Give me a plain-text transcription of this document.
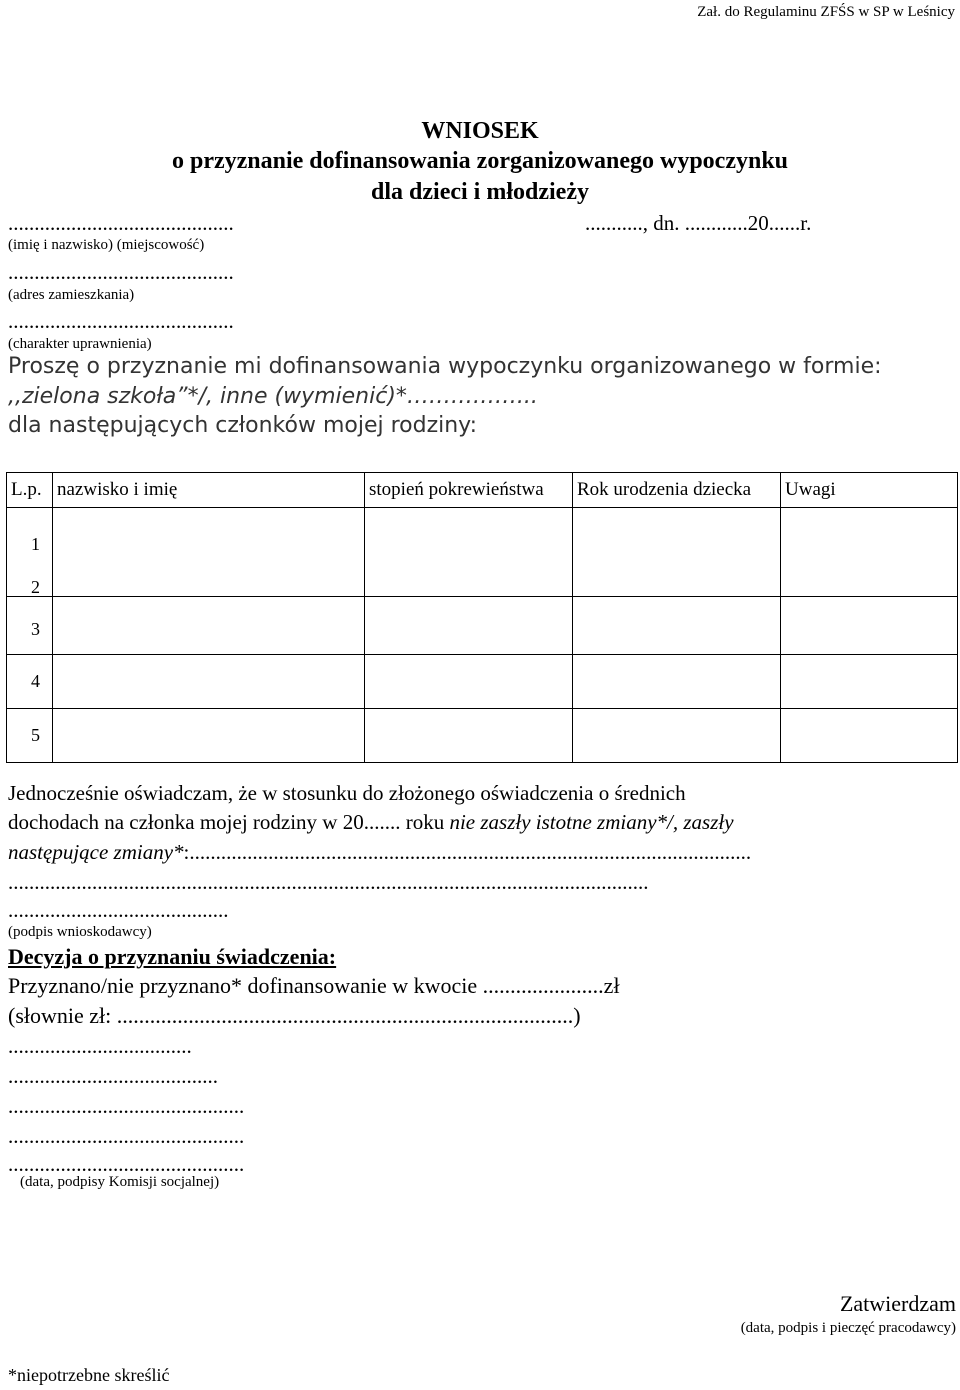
Zał. do Regulaminu ZFŚS w SP w Leśnicy
WNIOSEK
o przyznanie dofinansowania zorganizowanego wypoczynku
dla dzieci i młodzieży
...........................................	..........., dn. ............20......r.
(imię i nazwisko) (miejscowość)
...........................................
(adres zamieszkania)
...........................................
(charakter uprawnienia)
Proszę o przyznanie mi dofinansowania wypoczynku organizowanego w formie:
,,zielona szkoła”*/, inne (wymienić)*……………...
dla następujących członków mojej rodziny:
L.p.	nazwisko i imię	stopień pokrewieństwa	Rok urodzenia dziecka	Uwagi
1				

2
3				
4				
5				
Jednocześnie oświadczam, że w stosunku do złożonego oświadczenia o średnich
dochodach na członka mojej rodziny w 20....... roku nie zaszły istotne zmiany*/, zaszły
następujące zmiany*:...........................................................................................................
..........................................................................................................................
..........................................
(podpis wnioskodawcy)
Decyzja o przyznaniu świadczenia:
Przyznano/nie przyznano* dofinansowanie w kwocie ......................zł
(słownie zł: ...................................................................................)
...................................
........................................
.............................................
.............................................
.............................................
(data, podpisy Komisji socjalnej)
Zatwierdzam
(data, podpis i pieczęć pracodawcy)
*niepotrzebne skreślić
